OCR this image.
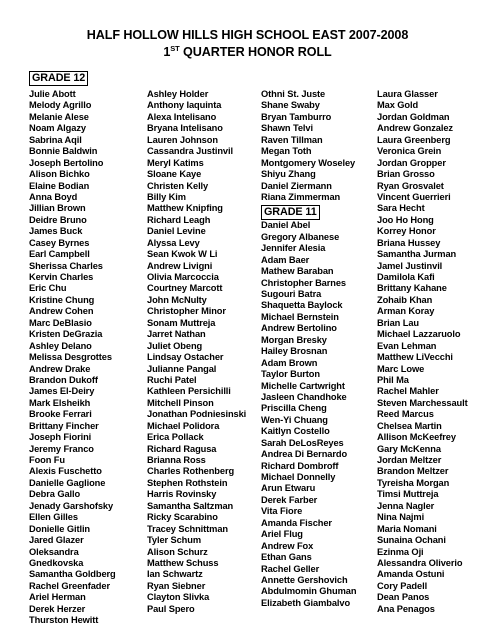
HALF HOLLOW HILLS HIGH SCHOOL EAST 2007-2008
1ST QUARTER HONOR ROLL
GRADE 12
Julie Abott
Melody Agrillo
Melanie Alese
Noam Algazy
Sabrina Aqil
Bonnie Baldwin
Joseph Bertolino
Alison Bichko
Elaine Bodian
Anna Boyd
Jillian Brown
Deidre Bruno
James Buck
Casey Byrnes
Earl Campbell
Sherissa Charles
Kervin Charles
Eric Chu
Kristine Chung
Andrew Cohen
Marc DeBlasio
Kristen DeGrazia
Ashley Delano
Melissa Desgrottes
Andrew Drake
Brandon Dukoff
James El-Deiry
Mark Elsheikh
Brooke Ferrari
Brittany Fincher
Joseph Fiorini
Jeremy Franco
Foon Fu
Alexis Fuschetto
Danielle Gaglione
Debra Gallo
Jenady Garshofsky
Ellen Gilles
Donielle Gitlin
Jared Glazer
Oleksandra
Gnedkovska
Samantha Goldberg
Rachel Greenfader
Ariel Herman
Derek Herzer
Thurston Hewitt
Ashley Holder
Anthony Iaquinta
Alexa Intelisano
Bryana Intelisano
Lauren Johnson
Cassandra Justinvil
Meryl Katims
Sloane Kaye
Christen Kelly
Billy Kim
Matthew Knipfing
Richard Leagh
Daniel Levine
Alyssa Levy
Sean Kwok W Li
Andrew Livigni
Olivia Marcoccia
Courtney Marcott
John McNulty
Christopher Minor
Sonam Muttreja
Jarret Nathan
Juliet Obeng
Lindsay Ostacher
Julianne Pangal
Ruchi Patel
Kathleen Persichilli
Mitchell Pinson
Jonathan Podniesinski
Michael Polidora
Erica Pollack
Richard Ragusa
Brianna Ross
Charles Rothenberg
Stephen Rothstein
Harris Rovinsky
Samantha Saltzman
Ricky Scarabino
Tracey Schnittman
Tyler Schum
Alison Schurz
Matthew Schuss
Ian Schwartz
Ryan Siebner
Clayton Slivka
Paul Spero
Othni St. Juste
Shane Swaby
Bryan Tamburro
Shawn Telvi
Raven Tillman
Megan Toth
Montgomery Woseley
Shiyu Zhang
Daniel Ziermann
Riana Zimmerman
GRADE 11
Daniel Abel
Gregory Albanese
Jennifer Alesia
Adam Baer
Mathew Baraban
Christopher Barnes
Sugouri Batra
Shaquetta Baylock
Michael Bernstein
Andrew Bertolino
Morgan Bresky
Hailey Brosnan
Adam Brown
Taylor Burton
Michelle Cartwright
Jasleen Chandhoke
Priscilla Cheng
Wen-Yi Chuang
Kaitlyn Costello
Sarah DeLosReyes
Andrea Di Bernardo
Richard Dombroff
Michael Donnelly
Arun Etwaru
Derek Farber
Vita Fiore
Amanda Fischer
Ariel Flug
Andrew Fox
Ethan Gans
Rachel Geller
Annette Gershovich
Abdulmomin Ghuman
Elizabeth Giambalvo
Laura Glasser
Max Gold
Jordan Goldman
Andrew Gonzalez
Laura Greenberg
Veronica Grein
Jordan Gropper
Brian Grosso
Ryan Grosvalet
Vincent Guerrieri
Sara Hecht
Joo Ho Hong
Korrey Honor
Briana Hussey
Samantha Jurman
Jamel Justinvil
Damilola Kafi
Brittany Kahane
Zohaib Khan
Arman Koray
Brian Lau
Michael Lazzaruolo
Evan Lehman
Matthew LiVecchi
Marc Lowe
Phil Ma
Rachel Mahler
Steven Marchessault
Reed Marcus
Chelsea Martin
Allison McKeefrey
Gary McKenna
Jordan Meltzer
Brandon Meltzer
Tyreisha Morgan
Timsi Muttreja
Jenna Nagler
Nina Najmi
Maria Nomani
Sunaina Ochani
Ezinma Oji
Alessandra Oliverio
Amanda Ostuni
Cory Padell
Dean Panos
Ana Penagos
